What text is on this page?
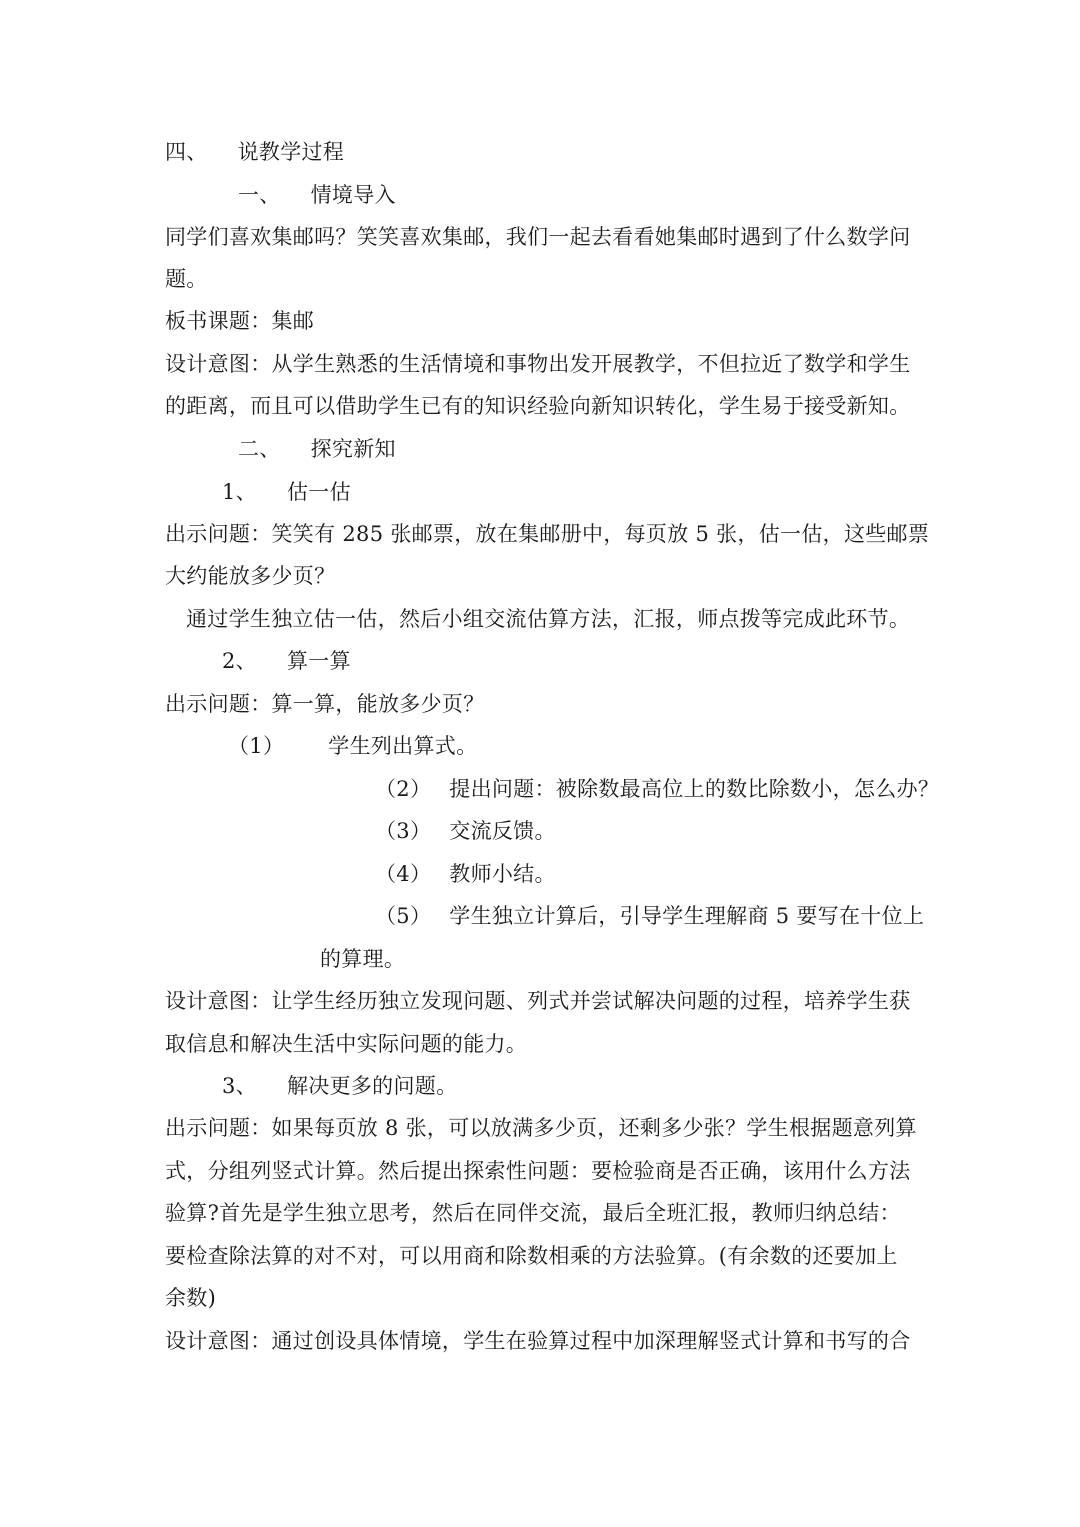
四、 说教学过程
一、 情境导入
同学们喜欢集邮吗？笑笑喜欢集邮，我们一起去看看她集邮时遇到了什么数学问
题。
板书课题：集邮
设计意图：从学生熟悉的生活情境和事物出发开展教学，不但拉近了数学和学生
的距离，而且可以借助学生已有的知识经验向新知识转化，学生易于接受新知。
二、 探究新知
1、 估一估
出示问题：笑笑有 285 张邮票，放在集邮册中，每页放 5 张，估一估，这些邮票
大约能放多少页？
通过学生独立估一估，然后小组交流估算方法，汇报，师点拨等完成此环节。
2、 算一算
出示问题：算一算，能放多少页？
（1） 学生列出算式。
（2） 提出问题：被除数最高位上的数比除数小，怎么办？
（3） 交流反馈。
（4） 教师小结。
（5） 学生独立计算后，引导学生理解商 5 要写在十位上
的算理。
设计意图：让学生经历独立发现问题、列式并尝试解决问题的过程，培养学生获
取信息和解决生活中实际问题的能力。
3、 解决更多的问题。
出示问题：如果每页放 8 张，可以放满多少页，还剩多少张？学生根据题意列算
式，分组列竖式计算。然后提出探索性问题：要检验商是否正确，该用什么方法
验算?首先是学生独立思考，然后在同伴交流，最后全班汇报，教师归纳总结：
要检查除法算的对不对，可以用商和除数相乘的方法验算。(有余数的还要加上
余数)
设计意图：通过创设具体情境，学生在验算过程中加深理解竖式计算和书写的合
